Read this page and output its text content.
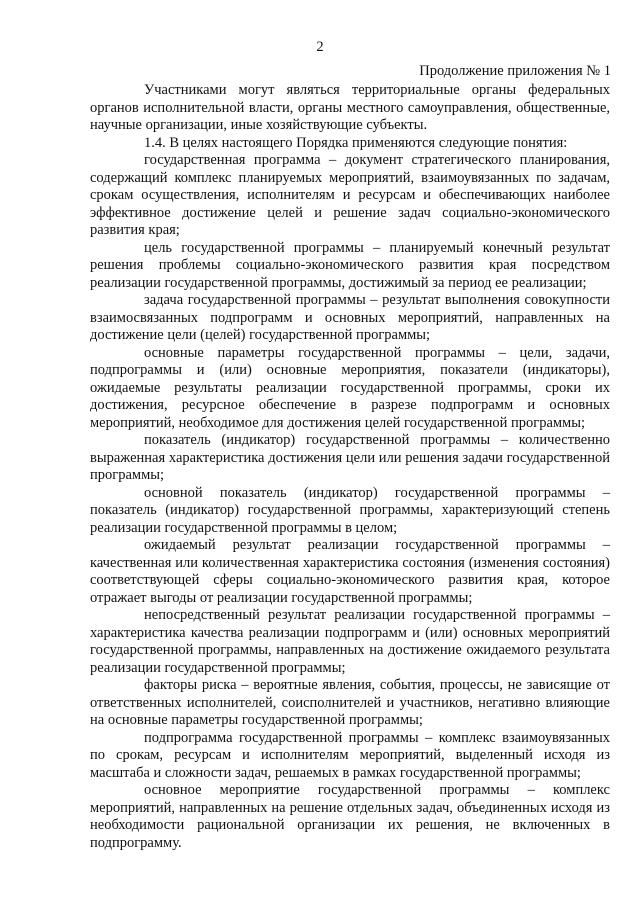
2
Продолжение приложения № 1

Участниками могут являться территориальные органы федеральных органов исполнительной власти, органы местного самоуправления, общественные, научные организации, иные хозяйствующие субъекты.

1.4. В целях настоящего Порядка применяются следующие понятия:

государственная программа – документ стратегического планирования, содержащий комплекс планируемых мероприятий, взаимоувязанных по задачам, срокам осуществления, исполнителям и ресурсам и обеспечивающих наиболее эффективное достижение целей и решение задач социально-экономического развития края;

цель государственной программы – планируемый конечный результат решения проблемы социально-экономического развития края посредством реализации государственной программы, достижимый за период ее реализации;

задача государственной программы – результат выполнения совокупности взаимосвязанных подпрограмм и основных мероприятий, направленных на достижение цели (целей) государственной программы;

основные параметры государственной программы – цели, задачи, подпрограммы и (или) основные мероприятия, показатели (индикаторы), ожидаемые результаты реализации государственной программы, сроки их достижения, ресурсное обеспечение в разрезе подпрограмм и основных мероприятий, необходимое для достижения целей государственной программы;

показатель (индикатор) государственной программы – количественно выраженная характеристика достижения цели или решения задачи государственной программы;

основной показатель (индикатор) государственной программы – показатель (индикатор) государственной программы, характеризующий степень реализации государственной программы в целом;

ожидаемый результат реализации государственной программы – качественная или количественная характеристика состояния (изменения состояния) соответствующей сферы социально-экономического развития края, которое отражает выгоды от реализации государственной программы;

непосредственный результат реализации государственной программы – характеристика качества реализации подпрограмм и (или) основных мероприятий государственной программы, направленных на достижение ожидаемого результата реализации государственной программы;

факторы риска – вероятные явления, события, процессы, не зависящие от ответственных исполнителей, соисполнителей и участников, негативно влияющие на основные параметры государственной программы;

подпрограмма государственной программы – комплекс взаимоувязанных по срокам, ресурсам и исполнителям мероприятий, выделенный исходя из масштаба и сложности задач, решаемых в рамках государственной программы;

основное мероприятие государственной программы – комплекс мероприятий, направленных на решение отдельных задач, объединенных исходя из необходимости рациональной организации их решения, не включенных в подпрограмму.
